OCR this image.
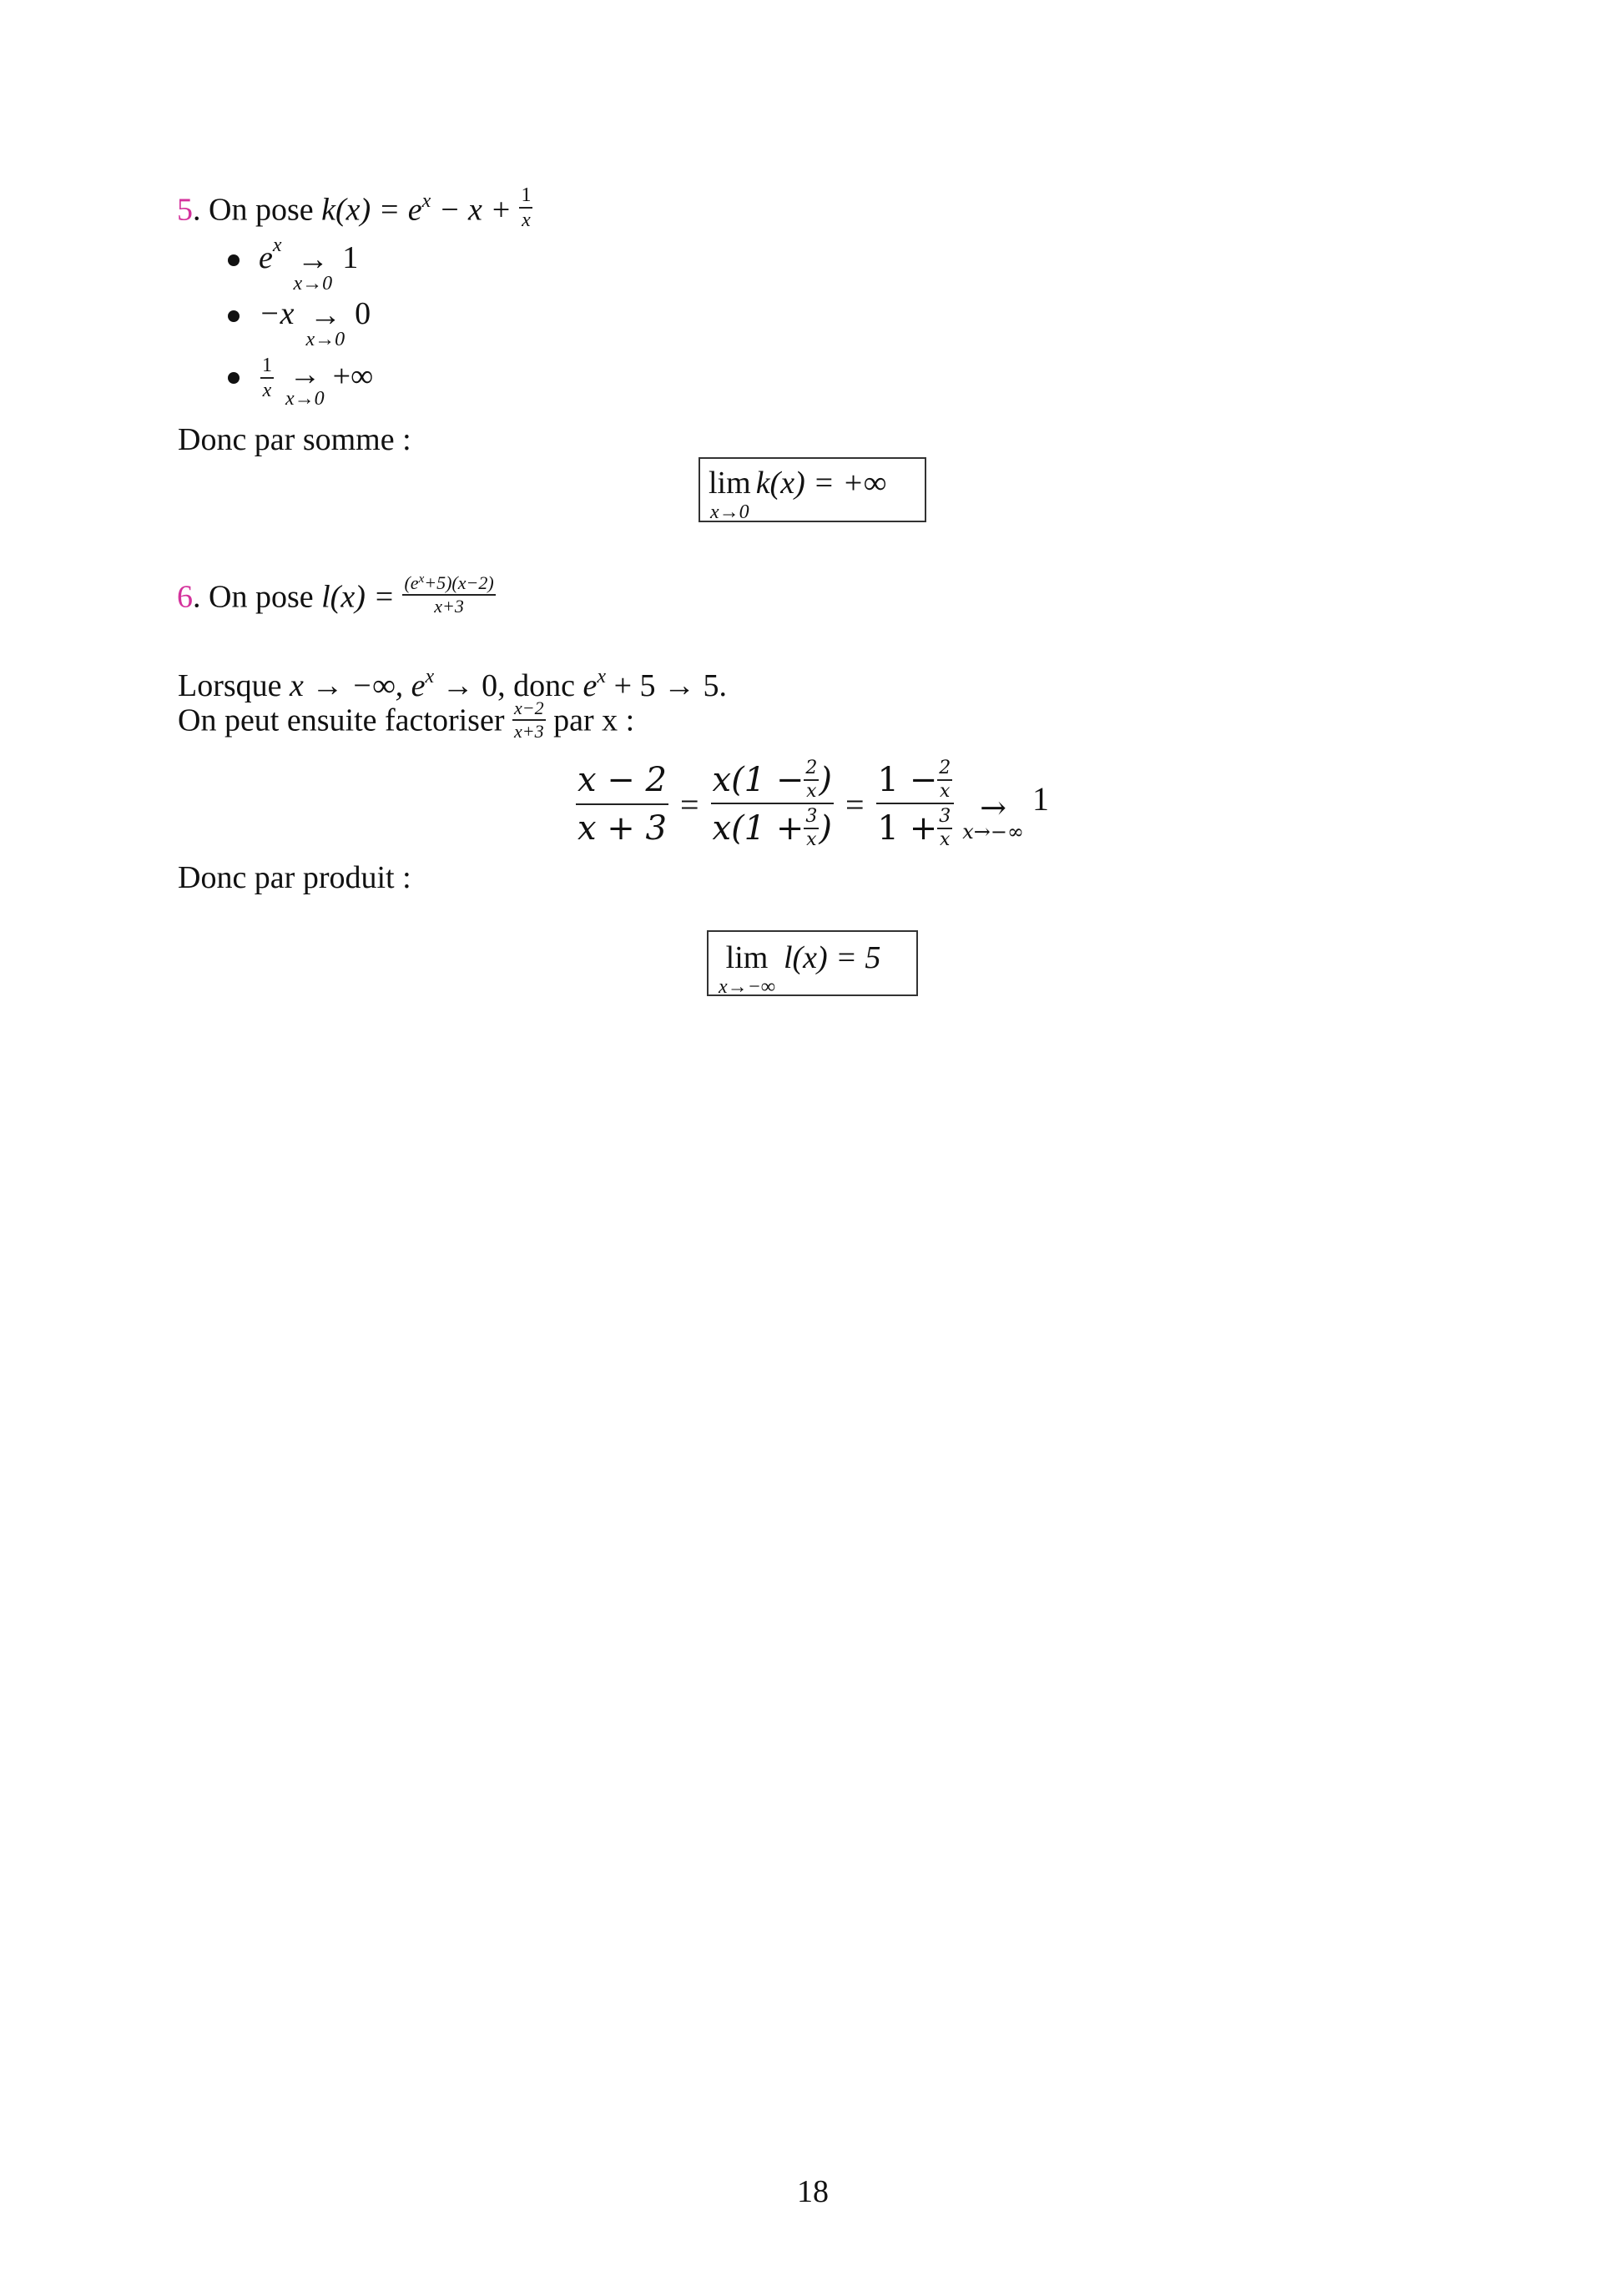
5. On pose $k(x) = e^x - x + \frac{1}{x}$
e x →
x→0
1
−x →
x→0
0
$\frac{1}{x}$ →
x→0
+∞
Donc par somme :
lim
x→0
k(x) = +∞
6. On pose $l(x) = \frac{(e^x+5)(x-2)}{x+3}$
Lorsque x → −∞, $e^x \to 0$, donc $e^x + 5 \to 5$.
On peut ensuite factoriser $\frac{x-2}{x+3}$ par x :
$\frac{x - 2}{x + 3} = \frac{x(1 - \frac{2}{x} )}{x(1 + \frac{3}{x} )} = \frac{1 - \frac{2}{x}}{1 + \frac{3}{x}}$ →
x→−∞
1
Donc par produit :
lim
x→−∞
l(x) = 5
18
